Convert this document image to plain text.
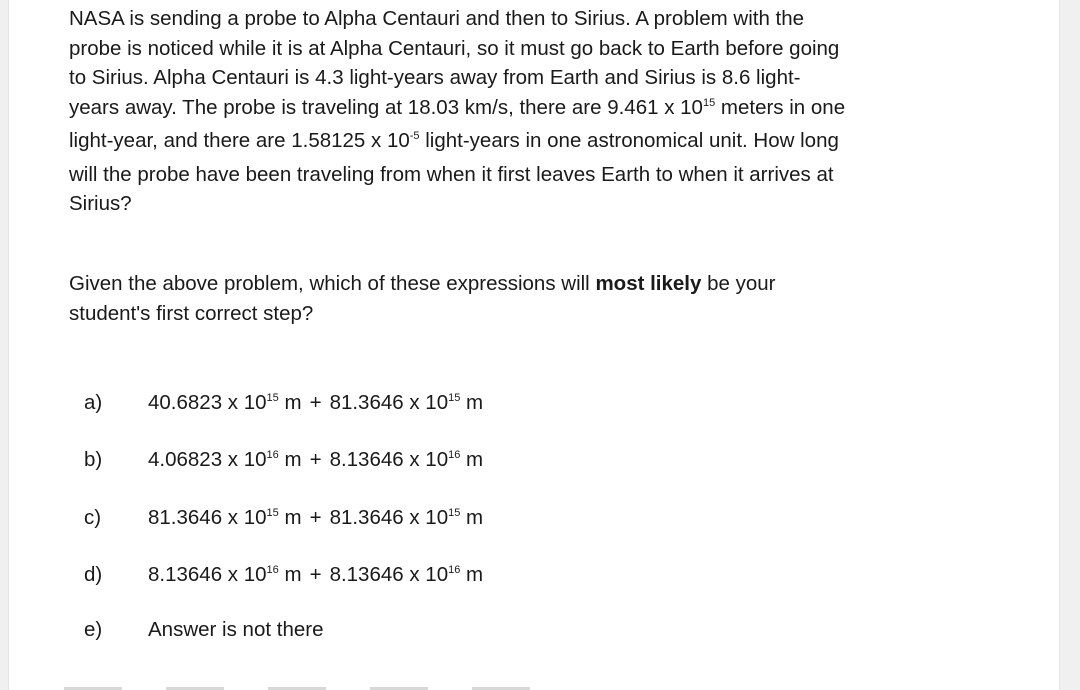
NASA is sending a probe to Alpha Centauri and then to Sirius. A problem with the probe is noticed while it is at Alpha Centauri, so it must go back to Earth before going to Sirius. Alpha Centauri is 4.3 light-years away from Earth and Sirius is 8.6 light-years away. The probe is traveling at 18.03 km/s, there are 9.461 x $10^{15}$ meters in one light-year, and there are 1.58125 x $10^{-5}$ light-years in one astronomical unit. How long will the probe have been traveling from when it first leaves Earth to when it arrives at Sirius?

Given the above problem, which of these expressions will most likely be your student's first correct step?

a) 40.6823 x $10^{15}$ m + 81.3646 x $10^{15}$ m
b) 4.06823 x $10^{16}$ m + 8.13646 x $10^{16}$ m
c) 81.3646 x $10^{15}$ m + 81.3646 x $10^{15}$ m
d) 8.13646 x $10^{16}$ m + 8.13646 x $10^{16}$ m
e) Answer is not there
